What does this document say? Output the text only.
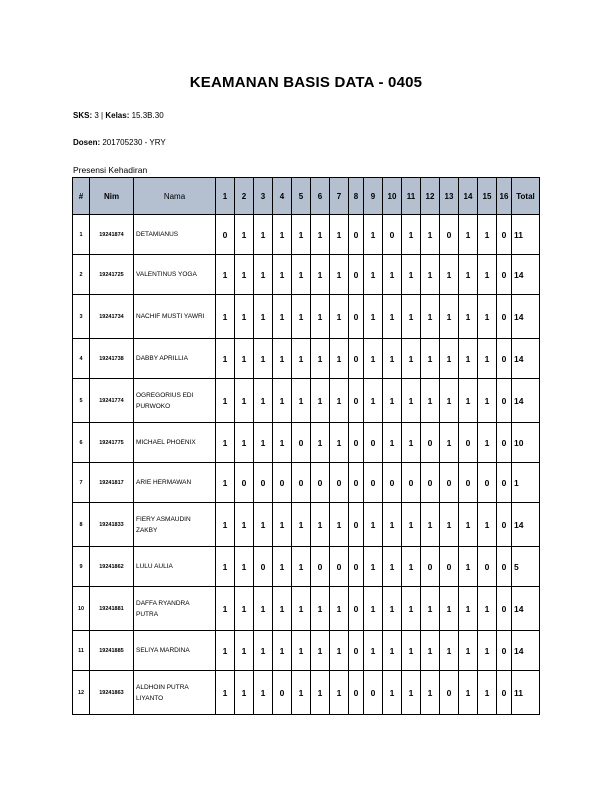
KEAMANAN BASIS DATA - 0405
SKS: 3 | Kelas: 15.3B.30
Dosen: 201705230 - YRY
Presensi Kehadiran
#	Nim	Nama	1	2	3	4	5	6	7	8	9	10	11	12	13	14	15	16	Total
1	19241874	DETAMIANUS	0	1	1	1	1	1	1	0	1	0	1	1	0	1	1	0	11
2	19241725	VALENTINUS YOGA	1	1	1	1	1	1	1	0	1	1	1	1	1	1	1	0	14
3	19241734	NACHIF MUSTI YAWRI	1	1	1	1	1	1	1	0	1	1	1	1	1	1	1	0	14
4	19241738	DABBY APRILLIA	1	1	1	1	1	1	1	0	1	1	1	1	1	1	1	0	14
5	19241774	OGREGORIUS EDI PURWOKO	1	1	1	1	1	1	1	0	1	1	1	1	1	1	1	0	14
6	19241775	MICHAEL PHOENIX	1	1	1	1	0	1	1	0	0	1	1	0	1	0	1	0	10
7	19241817	ARIE HERMAWAN	1	0	0	0	0	0	0	0	0	0	0	0	0	0	0	0	1
8	19241833	FIERY ASMAUDIN ZAKBY	1	1	1	1	1	1	1	0	1	1	1	1	1	1	1	0	14
9	19241862	LULU AULIA	1	1	0	1	1	0	0	0	1	1	1	0	0	1	0	0	5
10	19241881	DAFFA RYANDRA PUTRA	1	1	1	1	1	1	1	0	1	1	1	1	1	1	1	0	14
11	19241885	SELIYA MARDINA	1	1	1	1	1	1	1	0	1	1	1	1	1	1	1	0	14
12	19241863	ALDHOIN PUTRA LIYANTO	1	1	1	0	1	1	1	0	0	1	1	1	0	1	1	0	11
